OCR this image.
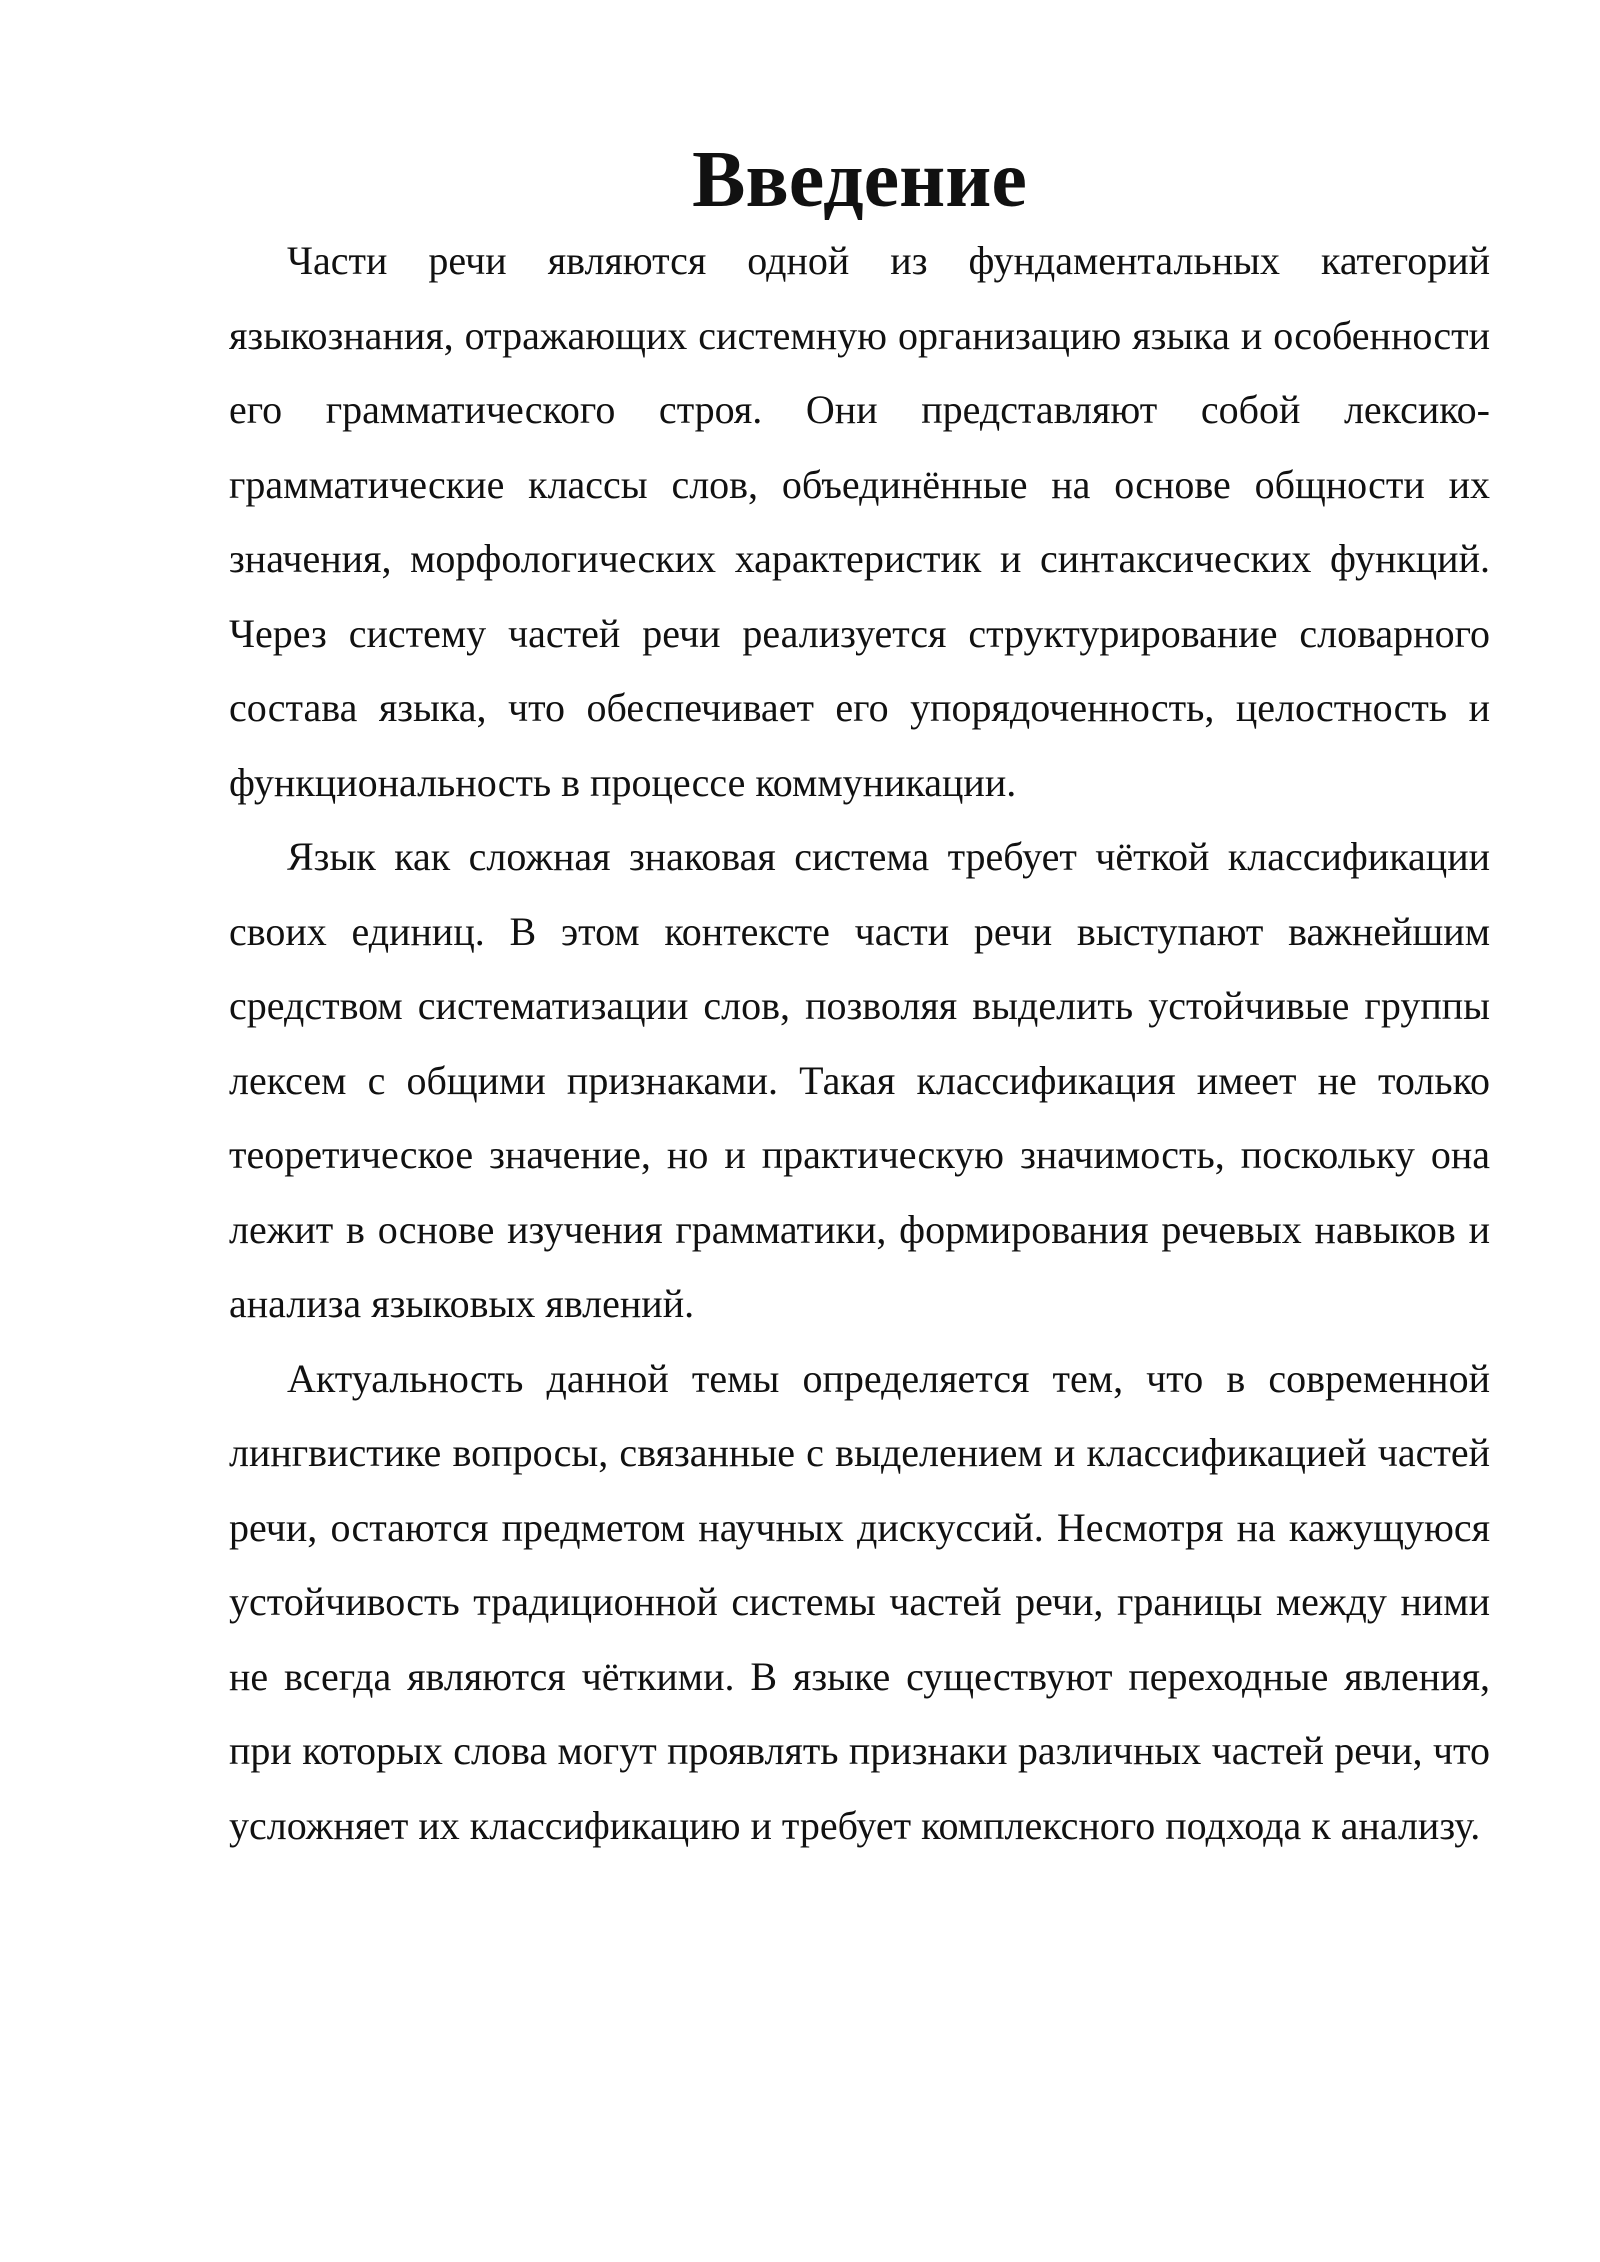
Введение

Части речи являются одной из фундаментальных категорий языкознания, отражающих системную организацию языка и особенности его грамматического строя. Они представляют собой лексико-грамматические классы слов, объединённые на основе общности их значения, морфологических характеристик и синтаксических функций. Через систему частей речи реализуется структурирование словарного состава языка, что обеспечивает его упорядоченность, целостность и функциональность в процессе коммуникации.

Язык как сложная знаковая система требует чёткой классификации своих единиц. В этом контексте части речи выступают важнейшим средством систематизации слов, позволяя выделить устойчивые группы лексем с общими признаками. Такая классификация имеет не только теоретическое значение, но и практическую значимость, поскольку она лежит в основе изучения грамматики, формирования речевых навыков и анализа языковых явлений.

Актуальность данной темы определяется тем, что в современной лингвистике вопросы, связанные с выделением и классификацией частей речи, остаются предметом научных дискуссий. Несмотря на кажущуюся устойчивость традиционной системы частей речи, границы между ними не всегда являются чёткими. В языке существуют переходные явления, при которых слова могут проявлять признаки различных частей речи, что усложняет их классификацию и требует комплексного подхода к анализу.
